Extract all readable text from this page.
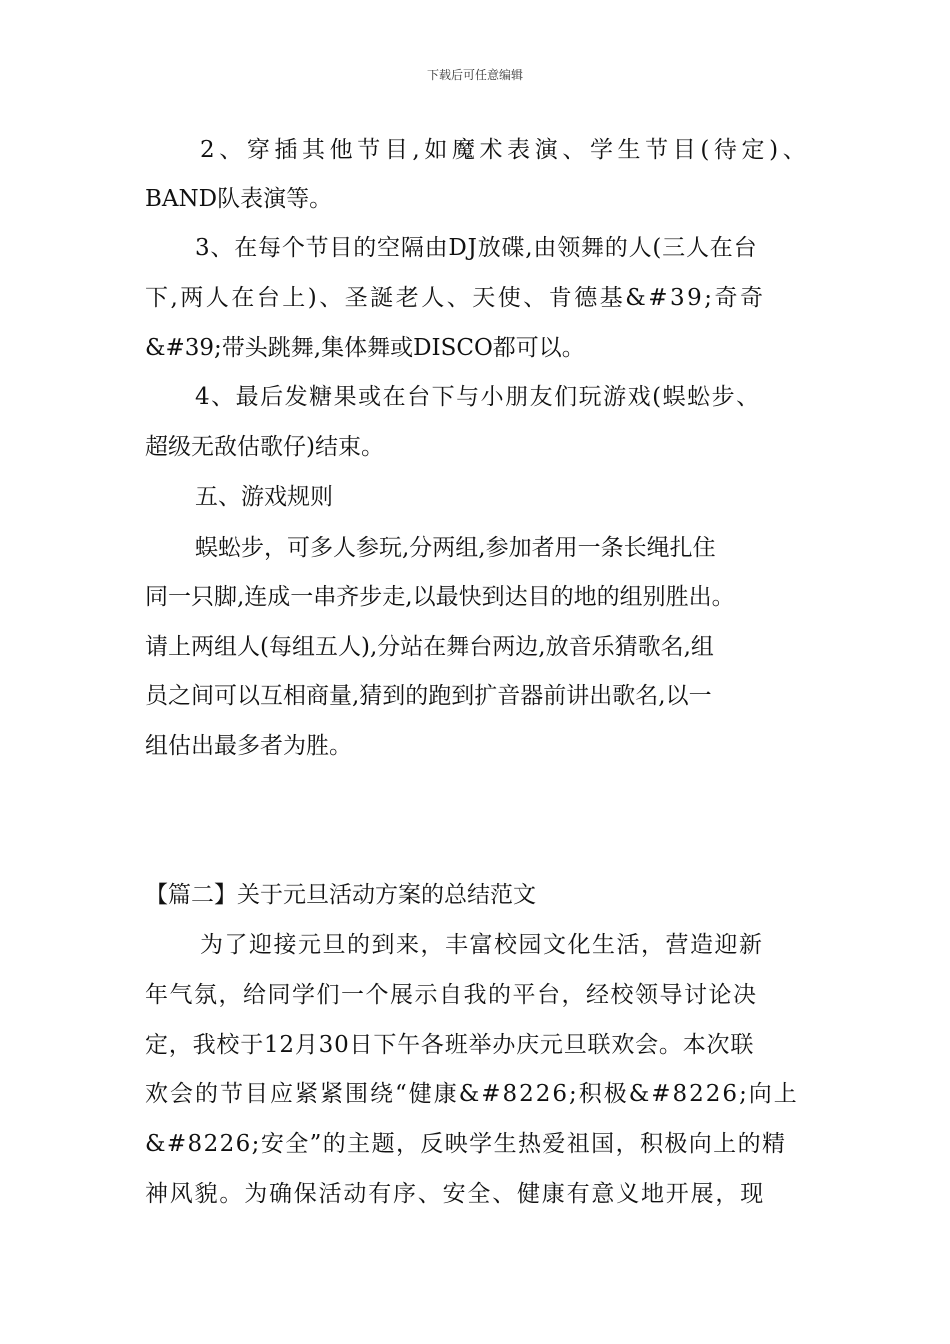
下载后可任意编辑
2、穿插其他节目,如魔术表演、学生节目(待定)、
BAND队表演等。
3、在每个节目的空隔由DJ放碟,由领舞的人(三人在台
下,两人在台上)、圣誕老人、天使、肯德基&#39;奇奇
&#39;带头跳舞,集体舞或DISCO都可以。
4、最后发糖果或在台下与小朋友们玩游戏(蜈蚣步、
超级无敌估歌仔)结束。
五、游戏规则
蜈蚣步，可多人参玩,分两组,参加者用一条长绳扎住
同一只脚,连成一串齐步走,以最快到达目的地的组别胜出。
请上两组人(每组五人),分站在舞台两边,放音乐猜歌名,组
员之间可以互相商量,猜到的跑到扩音器前讲出歌名,以一
组估出最多者为胜。
【篇二】关于元旦活动方案的总结范文
为了迎接元旦的到来，丰富校园文化生活，营造迎新
年气氛，给同学们一个展示自我的平台，经校领导讨论决
定，我校于12月30日下午各班举办庆元旦联欢会。本次联
欢会的节目应紧紧围绕“健康&#8226;积极&#8226;向上
&#8226;安全”的主题，反映学生热爱祖国，积极向上的精
神风貌。为确保活动有序、安全、健康有意义地开展，现
